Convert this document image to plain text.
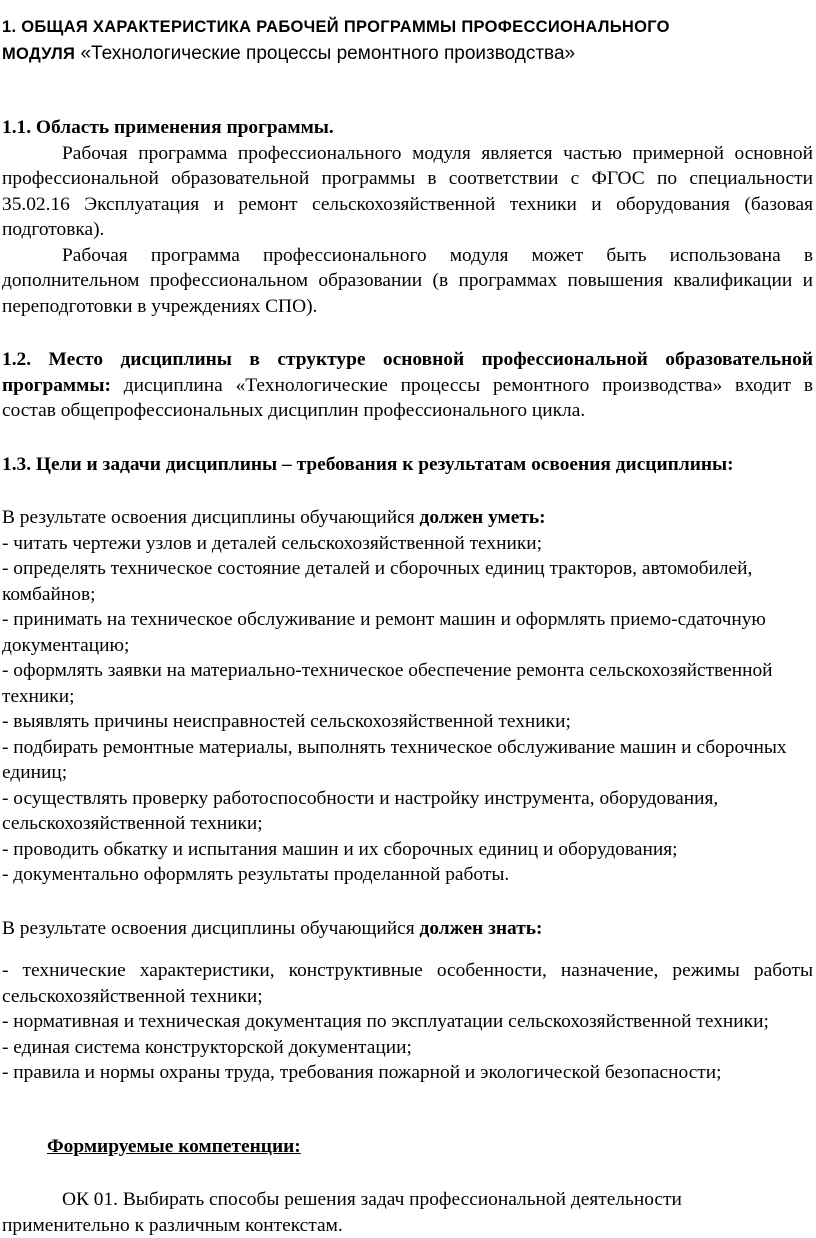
1. ОБЩАЯ ХАРАКТЕРИСТИКА РАБОЧЕЙ ПРОГРАММЫ ПРОФЕССИОНАЛЬНОГО
МОДУЛЯ «Технологические процессы ремонтного производства»

1.1. Область применения программы.

Рабочая программа профессионального модуля является частью примерной основной профессиональной образовательной программы в соответствии с ФГОС по специальности 35.02.16 Эксплуатация и ремонт сельскохозяйственной техники и оборудования (базовая подготовка).

Рабочая программа профессионального модуля может быть использована в дополнительном профессиональном образовании (в программах повышения квалификации и переподготовки в учреждениях СПО).

1.2. Место дисциплины в структуре основной профессиональной образовательной программы: дисциплина «Технологические процессы ремонтного производства» входит в состав общепрофессиональных дисциплин профессионального цикла.

1.3. Цели и задачи дисциплины – требования к результатам освоения дисциплины:

В результате освоения дисциплины обучающийся должен уметь:

- читать чертежи узлов и деталей сельскохозяйственной техники;
- определять техническое состояние деталей и сборочных единиц тракторов, автомобилей, комбайнов;
- принимать на техническое обслуживание и ремонт машин и оформлять приемо-сдаточную документацию;
- оформлять заявки на материально-техническое обеспечение ремонта сельскохозяйственной техники;
- выявлять причины неисправностей сельскохозяйственной техники;
- подбирать ремонтные материалы, выполнять техническое обслуживание машин и сборочных единиц;
- осуществлять проверку работоспособности и настройку инструмента, оборудования, сельскохозяйственной техники;
- проводить обкатку и испытания машин и их сборочных единиц и оборудования;
- документально оформлять результаты проделанной работы.

В результате освоения дисциплины обучающийся должен знать:

- технические характеристики, конструктивные особенности, назначение, режимы работы сельскохозяйственной техники;
- нормативная и техническая документация по эксплуатации сельскохозяйственной техники;
- единая система конструкторской документации;
- правила и нормы охраны труда, требования пожарной и экологической безопасности;

Формируемые компетенции:

ОК 01. Выбирать способы решения задач профессиональной деятельности применительно к различным контекстам.
